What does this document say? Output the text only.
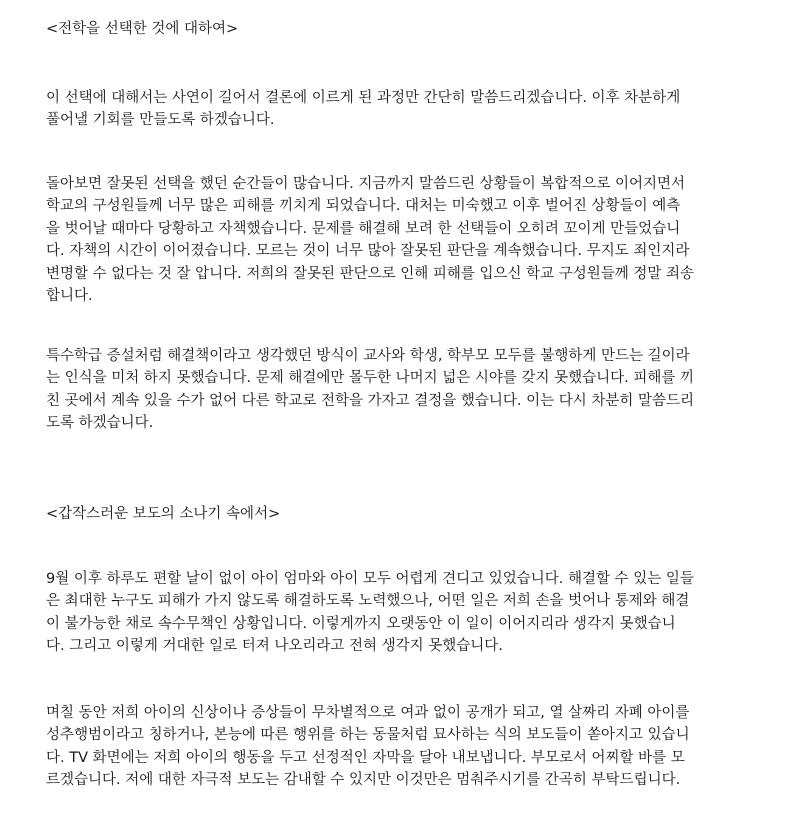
<전학을 선택한 것에 대하여>

이 선택에 대해서는 사연이 길어서 결론에 이르게 된 과정만 간단히 말씀드리겠습니다. 이후 차분하게
풀어낼 기회를 만들도록 하겠습니다.

돌아보면 잘못된 선택을 했던 순간들이 많습니다. 지금까지 말씀드린 상황들이 복합적으로 이어지면서
학교의 구성원들께 너무 많은 피해를 끼치게 되었습니다. 대처는 미숙했고 이후 벌어진 상황들이 예측
을 벗어날 때마다 당황하고 자책했습니다. 문제를 해결해 보려 한 선택들이 오히려 꼬이게 만들었습니
다. 자책의 시간이 이어졌습니다. 모르는 것이 너무 많아 잘못된 판단을 계속했습니다. 무지도 죄인지라
변명할 수 없다는 것 잘 압니다. 저희의 잘못된 판단으로 인해 피해를 입으신 학교 구성원들께 정말 죄송
합니다.

특수학급 증설처럼 해결책이라고 생각했던 방식이 교사와 학생, 학부모 모두를 불행하게 만드는 길이라
는 인식을 미처 하지 못했습니다. 문제 해결에만 몰두한 나머지 넓은 시야를 갖지 못했습니다. 피해를 끼
친 곳에서 계속 있을 수가 없어 다른 학교로 전학을 가자고 결정을 했습니다. 이는 다시 차분히 말씀드리
도록 하겠습니다.

<갑작스러운 보도의 소나기 속에서>

9월 이후 하루도 편할 날이 없이 아이 엄마와 아이 모두 어렵게 견디고 있었습니다. 해결할 수 있는 일들
은 최대한 누구도 피해가 가지 않도록 해결하도록 노력했으나, 어떤 일은 저희 손을 벗어나 통제와 해결
이 불가능한 채로 속수무책인 상황입니다. 이렇게까지 오랫동안 이 일이 이어지리라 생각지 못했습니
다. 그리고 이렇게 거대한 일로 터져 나오리라고 전혀 생각지 못했습니다.

며칠 동안 저희 아이의 신상이나 증상들이 무차별적으로 여과 없이 공개가 되고, 열 살짜리 자폐 아이를
성추행범이라고 칭하거나, 본능에 따른 행위를 하는 동물처럼 묘사하는 식의 보도들이 쏟아지고 있습니
다. TV 화면에는 저희 아이의 행동을 두고 선정적인 자막을 달아 내보냅니다. 부모로서 어찌할 바를 모
르겠습니다. 저에 대한 자극적 보도는 감내할 수 있지만 이것만은 멈춰주시기를 간곡히 부탁드립니다.
